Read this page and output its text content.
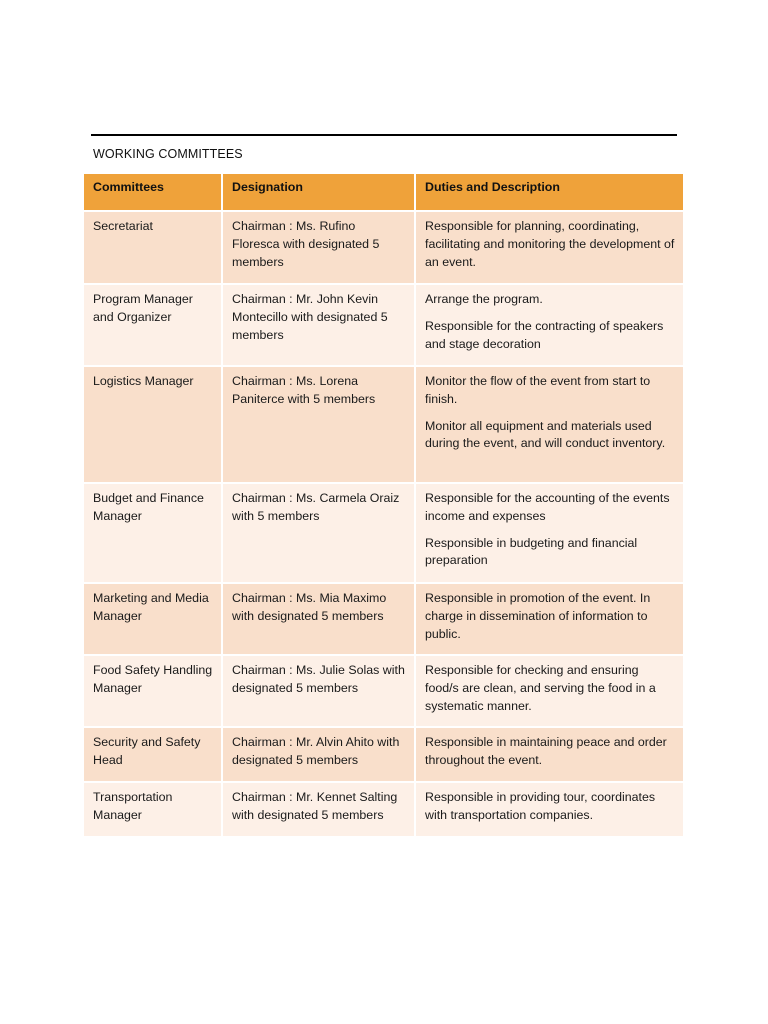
WORKING COMMITTEES
Committees	Designation	Duties and Description
Secretariat	Chairman : Ms. Rufino Floresca with designated 5 members	Responsible for planning, coordinating, facilitating and monitoring the development of an event.

Program Manager and Organizer	Chairman : Mr. John Kevin Montecillo with designated 5 members	Arrange the program.
Responsible for the contracting of speakers and stage decoration

Logistics Manager	Chairman : Ms. Lorena Paniterce with 5 members	Monitor the flow of the event from start to finish.
Monitor all equipment and materials used during the event, and will conduct inventory.

Budget and Finance Manager	Chairman : Ms. Carmela Oraiz with 5 members	Responsible for the accounting of the events income and expenses
Responsible in budgeting and financial preparation

Marketing and Media Manager	Chairman : Ms. Mia Maximo with designated 5 members	Responsible in promotion of the event. In charge in dissemination of information to public.

Food Safety Handling Manager	Chairman : Ms. Julie Solas with designated 5 members	Responsible for checking and ensuring food/s are clean, and serving the food in a systematic manner.

Security and Safety Head	Chairman : Mr. Alvin Ahito with designated 5 members	Responsible in maintaining peace and order throughout the event.

Transportation Manager	Chairman : Mr. Kennet Salting with designated 5 members	Responsible in providing tour, coordinates with transportation companies.
